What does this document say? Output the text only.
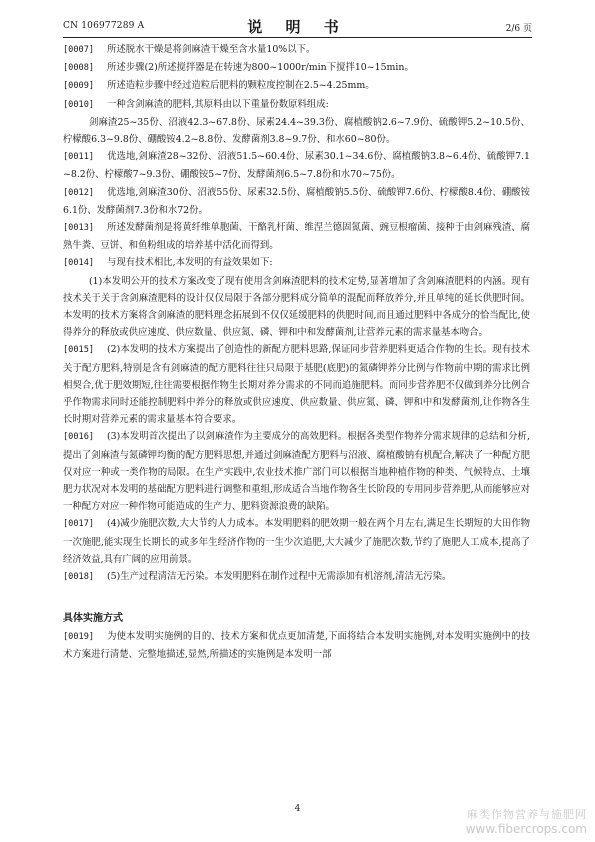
CN 106977289 A	说 明 书	2/6 页
[0007] 所述脱水干燥是将剑麻渣干燥至含水量10%以下。
[0008] 所述步骤(2)所述搅拌器是在转速为800~1000r/min下搅拌10~15min。
[0009] 所述造粒步骤中经过造粒后肥料的颗粒度控制在2.5~4.25mm。
[0010] 一种含剑麻渣的肥料,其原料由以下重量份数原料组成:
剑麻渣25~35份、沼液42.3~67.8份、尿素24.4~39.3份、腐植酸钠2.6~7.9份、硫酸钾5.2~10.5份、柠檬酸6.3~9.8份、硼酸铵4.2~8.8份、发酵菌剂3.8~9.7份、和水60~80份。
[0011] 优选地,剑麻渣28~32份、沼液51.5~60.4份、尿素30.1~34.6份、腐植酸钠3.8~6.4份、硫酸钾7.1~8.2份、柠檬酸7~9.3份、硼酸铵5~7份、发酵菌剂6.5~7.8份和水70~75份。
[0012] 优选地,剑麻渣30份、沼液55份、尿素32.5份、腐植酸钠5.5份、硫酸钾7.6份、柠檬酸8.4份、硼酸铵6.1份、发酵菌剂7.3份和水72份。
[0013] 所述发酵菌剂是将黄纤维单胞菌、干酪乳杆菌、维涅兰德固氮菌、豌豆根瘤菌、接种于由剑麻残渣、腐熟牛粪、豆饼、和鱼粉组成的培养基中活化而得到。
[0014] 与现有技术相比,本发明的有益效果如下:
(1)本发明公开的技术方案改变了现有使用含剑麻渣肥料的技术定势,显著增加了含剑麻渣肥料的内涵。现有技术关于关于含剑麻渣肥料的设计仅仅局限于各部分肥料成分简单的混配而释放养分,并且单纯的延长供肥时间。本发明的技术方案将含剑麻渣的肥料理念拓展到不仅仅延缓肥料的供肥时间,而且通过肥料中各成分的恰当配比,使得养分的释放或供应速度、供应数量、供应氮、磷、钾和中和发酵菌剂,让营养元素的需求量基本吻合。
[0015] (2)本发明的技术方案提出了创造性的新配方肥料思路,保证同步营养肥料更适合作物的生长。现有技术关于配方肥料,特别是含有剑麻渣的配方肥料往往只局限于基肥(底肥)的氮磷钾养分比例与作物前中期的需求比例相契合,优于肥效期短,往往需要根据作物生长期对养分需求的不同而追施肥料。而同步营养肥不仅做到养分比例合乎作物需求同时还能控制肥料中养分的释放或供应速度、供应数量、供应氮、磷、钾和中和发酵菌剂,让作物各生长时期对营养元素的需求量基本符合要求。
[0016] (3)本发明首次提出了以剑麻渣作为主要成分的高效肥料。根据各类型作物养分需求规律的总结和分析,提出了剑麻渣与氮磷钾均衡的配方肥料思想,并通过剑麻渣配方肥料与沼液、腐植酸钠有机配合,解决了一种配方肥仅对应一种或一类作物的局限。在生产实践中,农业技术推广部门可以根据当地种植作物的种类、气候特点、土壤肥力状况对本发明的基础配方肥料进行调整和重组,形成适合当地作物各生长阶段的专用同步营养肥,从而能够应对一种配方对应一种作物可能造成的生产力、肥料资源浪费的缺陷。
[0017] (4)减少施肥次数,大大节约人力成本。本发明肥料的肥效期一般在两个月左右,满足生长期短的大田作物一次施肥,能实现生长期长的或多年生经济作物的一生少次追肥,大大减少了施肥次数,节约了施肥人工成本,提高了经济效益,具有广阔的应用前景。
[0018] (5)生产过程清洁无污染。本发明肥料在制作过程中无需添加有机溶剂,清洁无污染。
具体实施方式
[0019] 为使本发明实施例的目的、技术方案和优点更加清楚,下面将结合本发明实施例,对本发明实施例中的技术方案进行清楚、完整地描述,显然,所描述的实施例是本发明一部
4	麻类作物营养与施肥网
www.fibercrops.com
